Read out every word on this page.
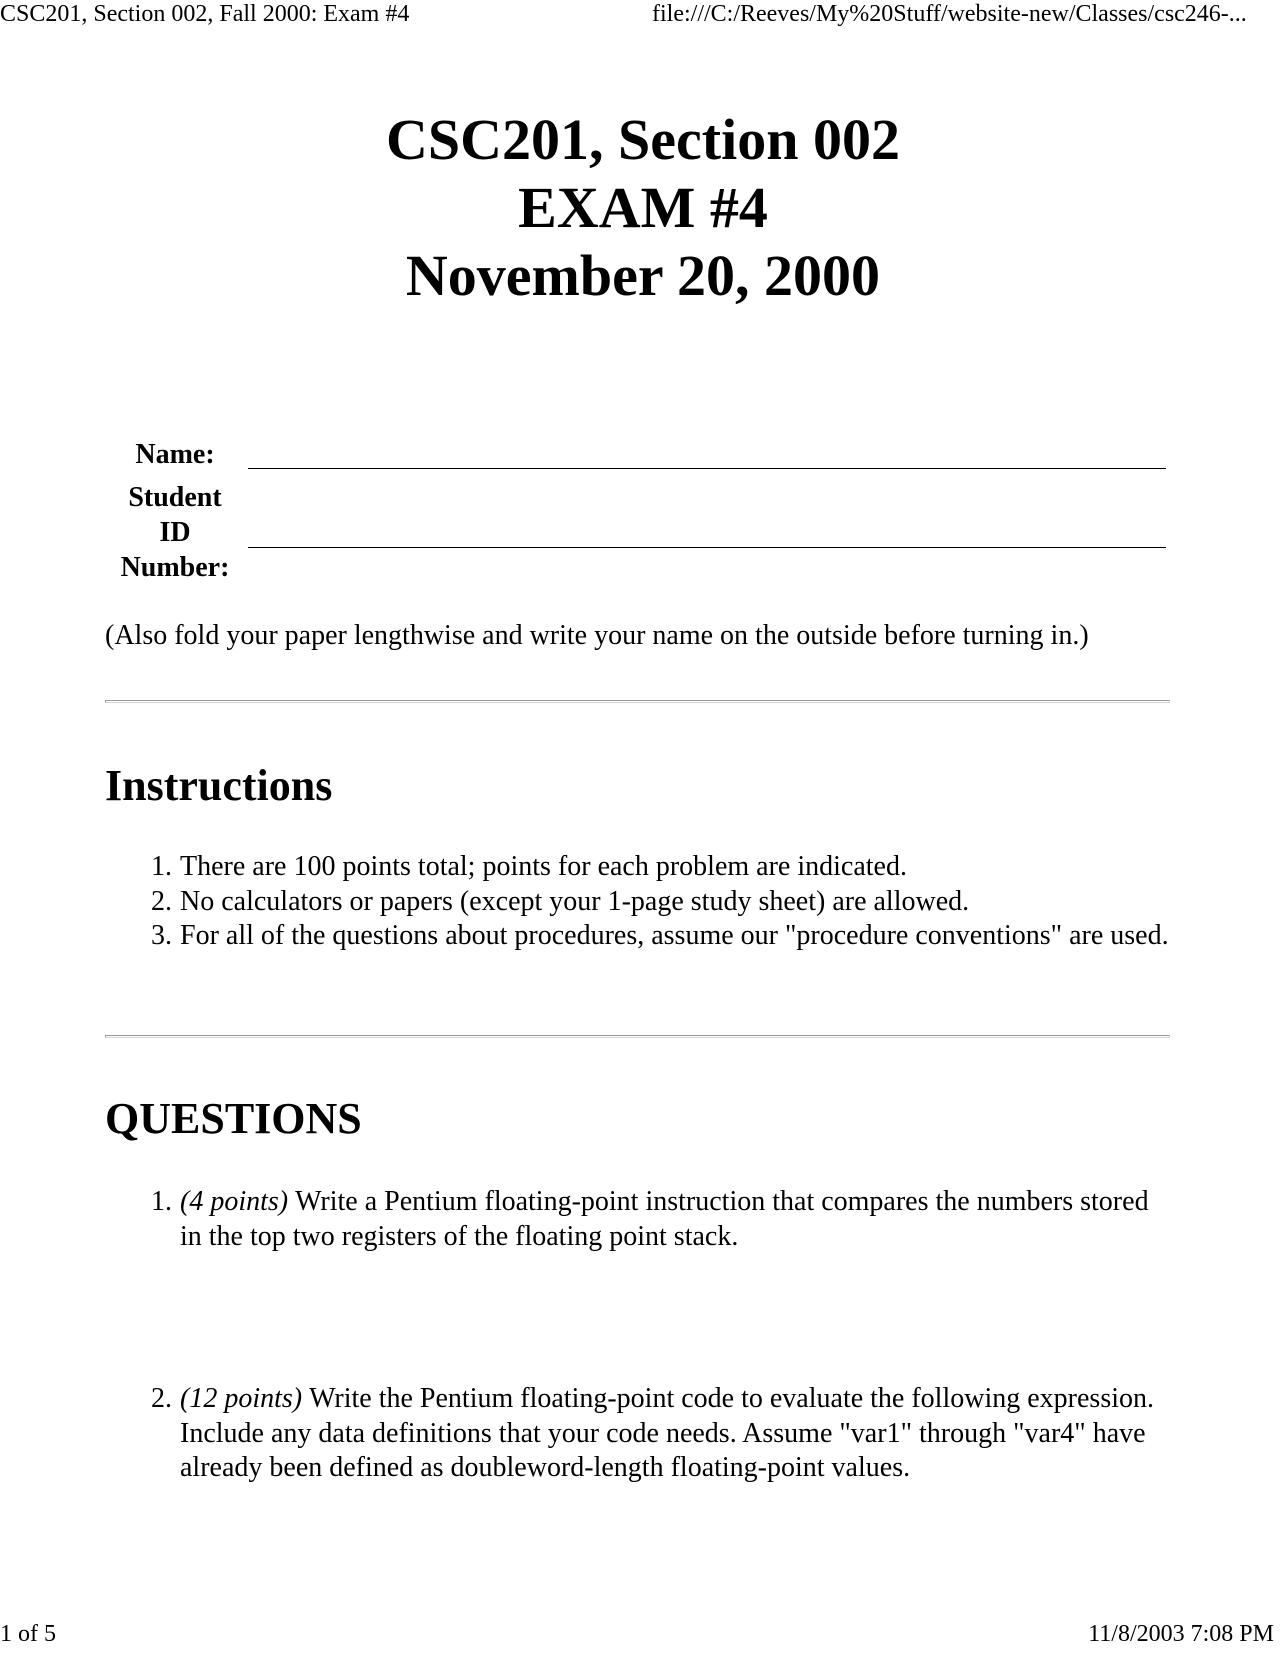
CSC201, Section 002, Fall 2000: Exam #4	file:///C:/Reeves/My%20Stuff/website-new/Classes/csc246-...
CSC201, Section 002
EXAM #4
November 20, 2000
Name:
Student
ID
Number:
(Also fold your paper lengthwise and write your name on the outside before turning in.)
Instructions
1. There are 100 points total; points for each problem are indicated.
2. No calculators or papers (except your 1-page study sheet) are allowed.
3. For all of the questions about procedures, assume our "procedure conventions" are used.
QUESTIONS
1. (4 points) Write a Pentium floating-point instruction that compares the numbers stored in the top two registers of the floating point stack.
2. (12 points) Write the Pentium floating-point code to evaluate the following expression. Include any data definitions that your code needs. Assume "var1" through "var4" have already been defined as doubleword-length floating-point values.
1 of 5	11/8/2003 7:08 PM
